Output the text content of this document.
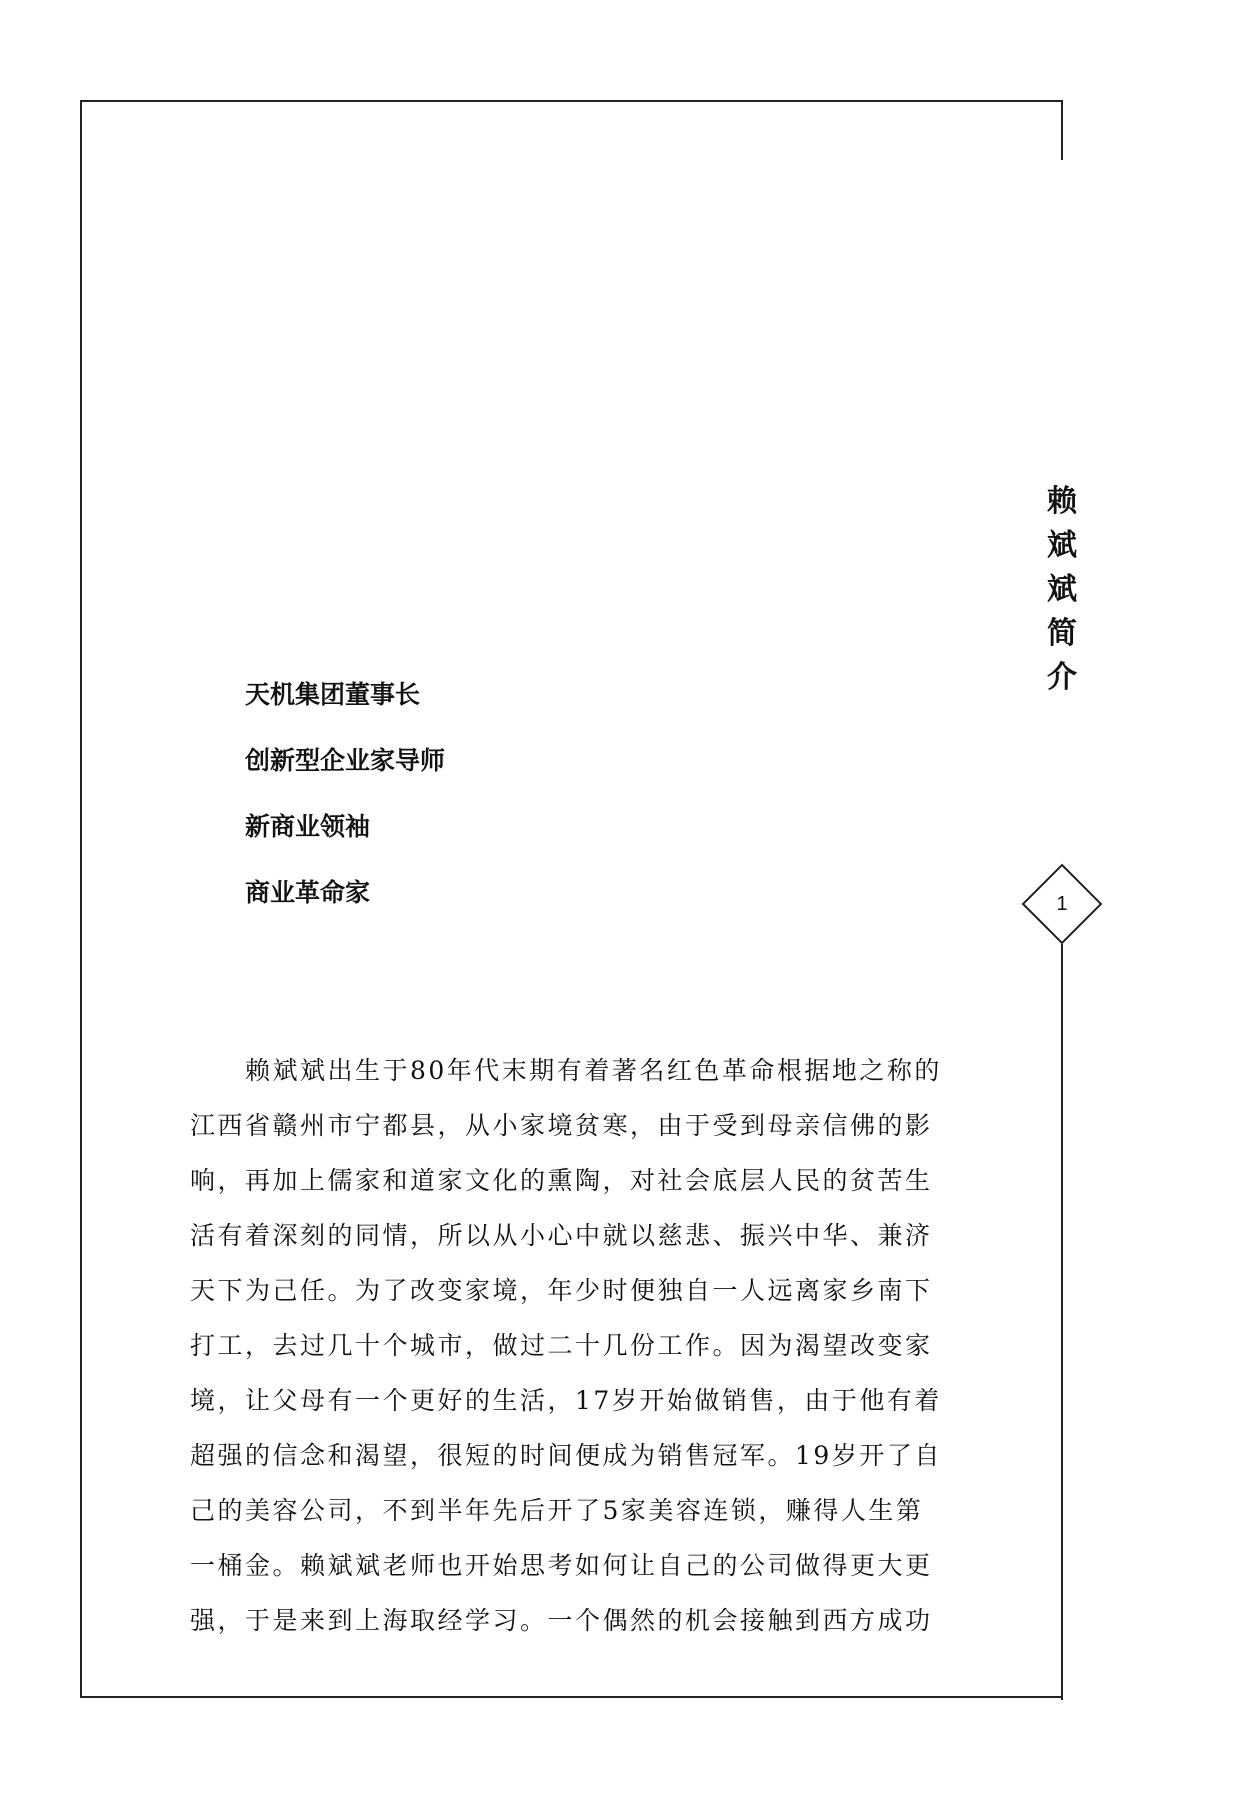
赖
斌
斌
简
介
1
天机集团董事长
创新型企业家导师
新商业领袖
商业革命家
赖斌斌出生于80年代末期有着著名红色革命根据地之称的
江西省赣州市宁都县，从小家境贫寒，由于受到母亲信佛的影
响，再加上儒家和道家文化的熏陶，对社会底层人民的贫苦生
活有着深刻的同情，所以从小心中就以慈悲、振兴中华、兼济
天下为己任。为了改变家境，年少时便独自一人远离家乡南下
打工，去过几十个城市，做过二十几份工作。因为渴望改变家
境，让父母有一个更好的生活，17岁开始做销售，由于他有着
超强的信念和渴望，很短的时间便成为销售冠军。19岁开了自
己的美容公司，不到半年先后开了5家美容连锁，赚得人生第
一桶金。赖斌斌老师也开始思考如何让自己的公司做得更大更
强，于是来到上海取经学习。一个偶然的机会接触到西方成功
